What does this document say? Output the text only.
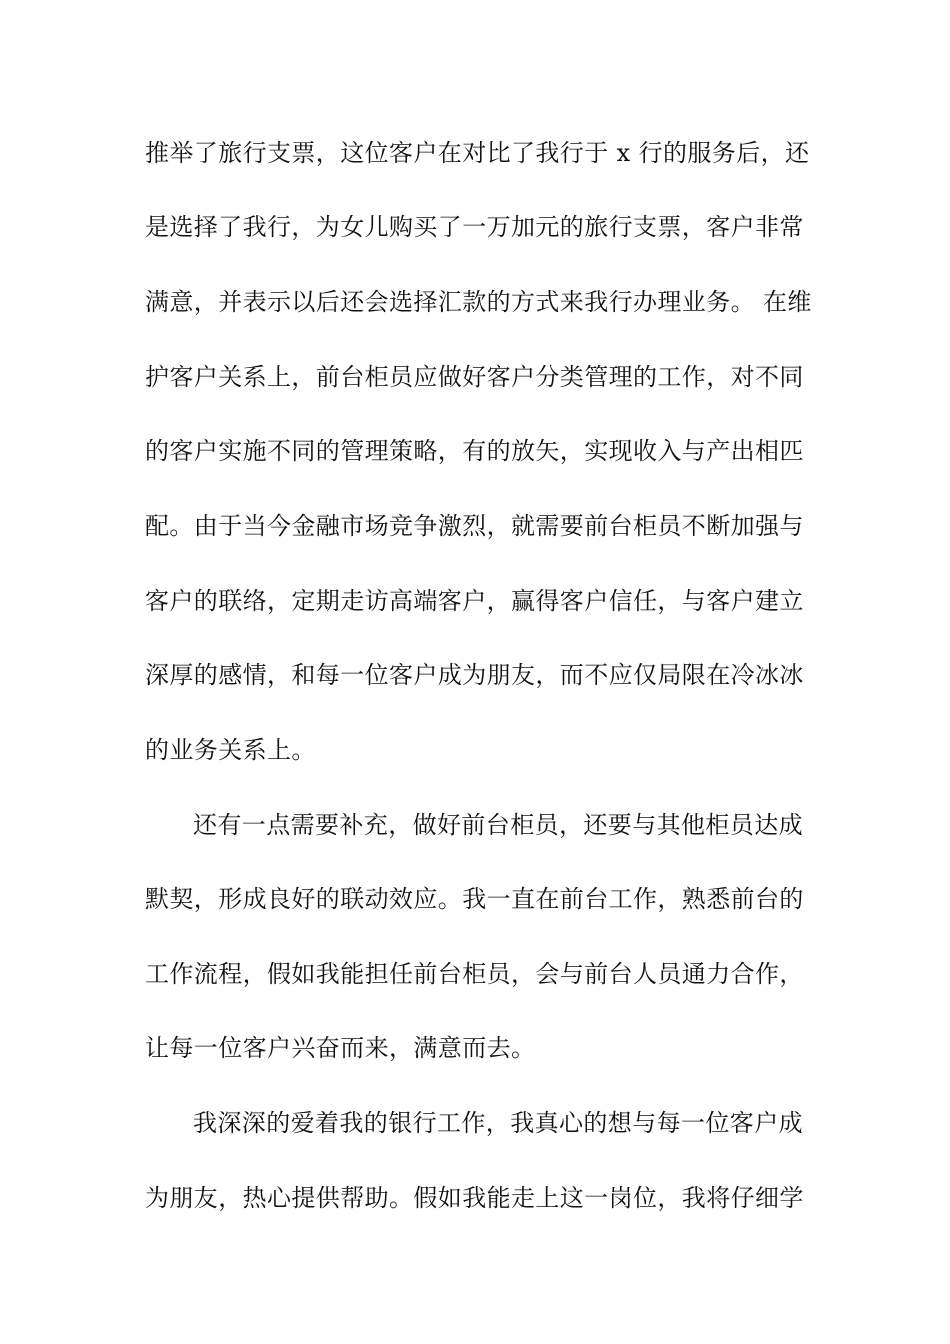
推举了旅行支票，这位客户在对比了我行于 x 行的服务后，还
是选择了我行，为女儿购买了一万加元的旅行支票，客户非常
满意，并表示以后还会选择汇款的方式来我行办理业务。 在维
护客户关系上，前台柜员应做好客户分类管理的工作，对不同
的客户实施不同的管理策略，有的放矢，实现收入与产出相匹
配。由于当今金融市场竞争激烈，就需要前台柜员不断加强与
客户的联络，定期走访高端客户，赢得客户信任，与客户建立
深厚的感情，和每一位客户成为朋友，而不应仅局限在冷冰冰
的业务关系上。
还有一点需要补充，做好前台柜员，还要与其他柜员达成
默契，形成良好的联动效应。我一直在前台工作，熟悉前台的
工作流程，假如我能担任前台柜员，会与前台人员通力合作，
让每一位客户兴奋而来，满意而去。
我深深的爱着我的银行工作，我真心的想与每一位客户成
为朋友，热心提供帮助。假如我能走上这一岗位，我将仔细学
